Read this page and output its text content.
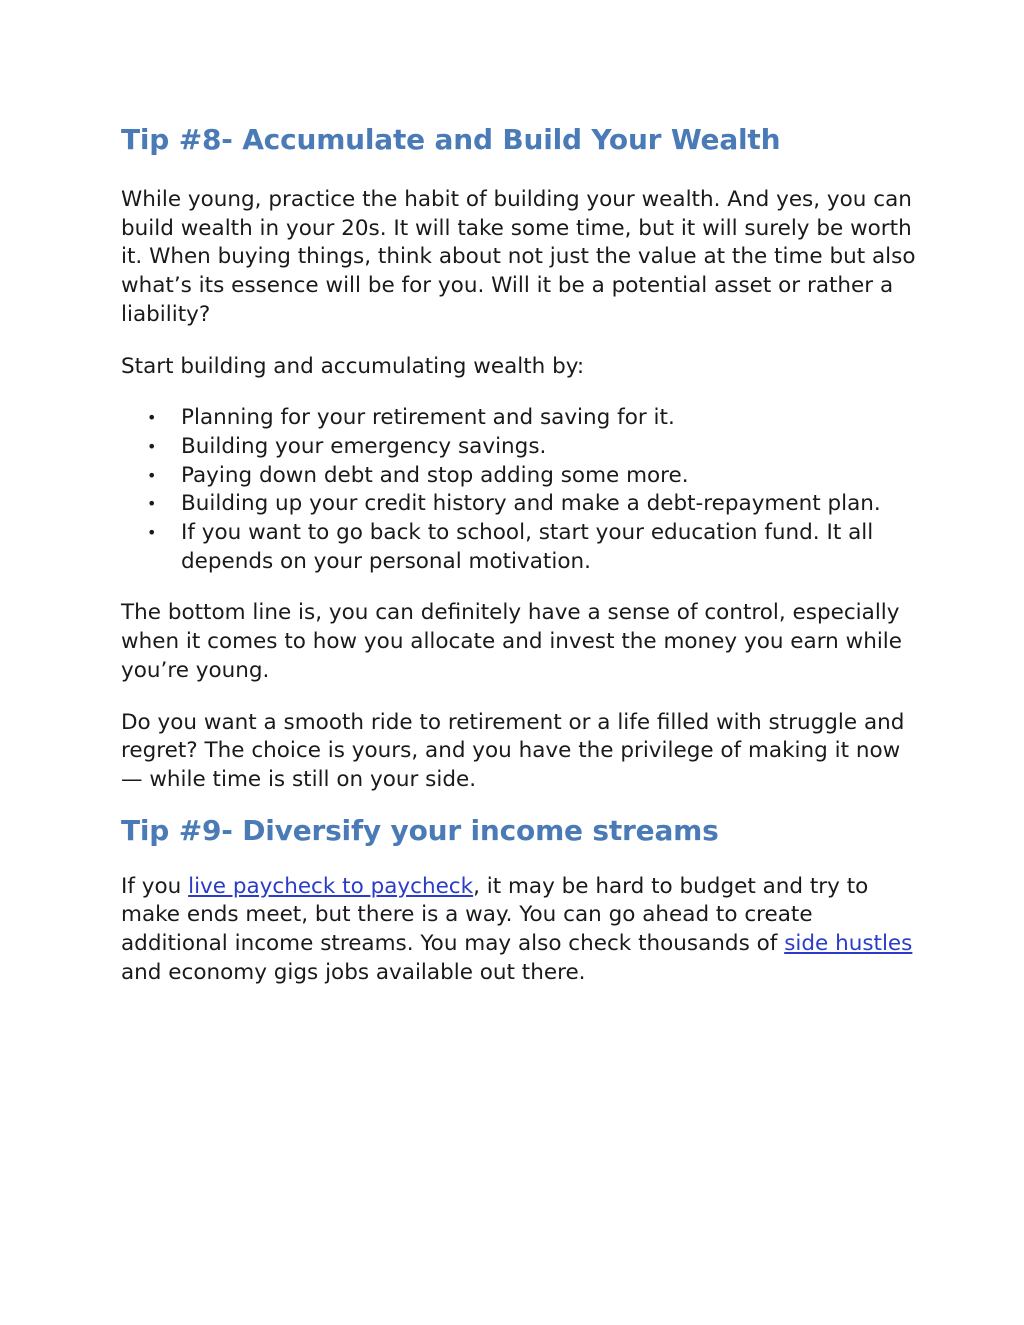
Tip #8- Accumulate and Build Your Wealth

While young, practice the habit of building your wealth. And yes, you can build wealth in your 20s. It will take some time, but it will surely be worth it. When buying things, think about not just the value at the time but also what’s its essence will be for you. Will it be a potential asset or rather a liability?

Start building and accumulating wealth by:

• Planning for your retirement and saving for it.
• Building your emergency savings.
• Paying down debt and stop adding some more.
• Building up your credit history and make a debt-repayment plan.
• If you want to go back to school, start your education fund. It all depends on your personal motivation.

The bottom line is, you can definitely have a sense of control, especially when it comes to how you allocate and invest the money you earn while you’re young.

Do you want a smooth ride to retirement or a life filled with struggle and regret? The choice is yours, and you have the privilege of making it now — while time is still on your side.

Tip #9- Diversify your income streams

If you live paycheck to paycheck, it may be hard to budget and try to make ends meet, but there is a way. You can go ahead to create additional income streams. You may also check thousands of side hustles and economy gigs jobs available out there.
